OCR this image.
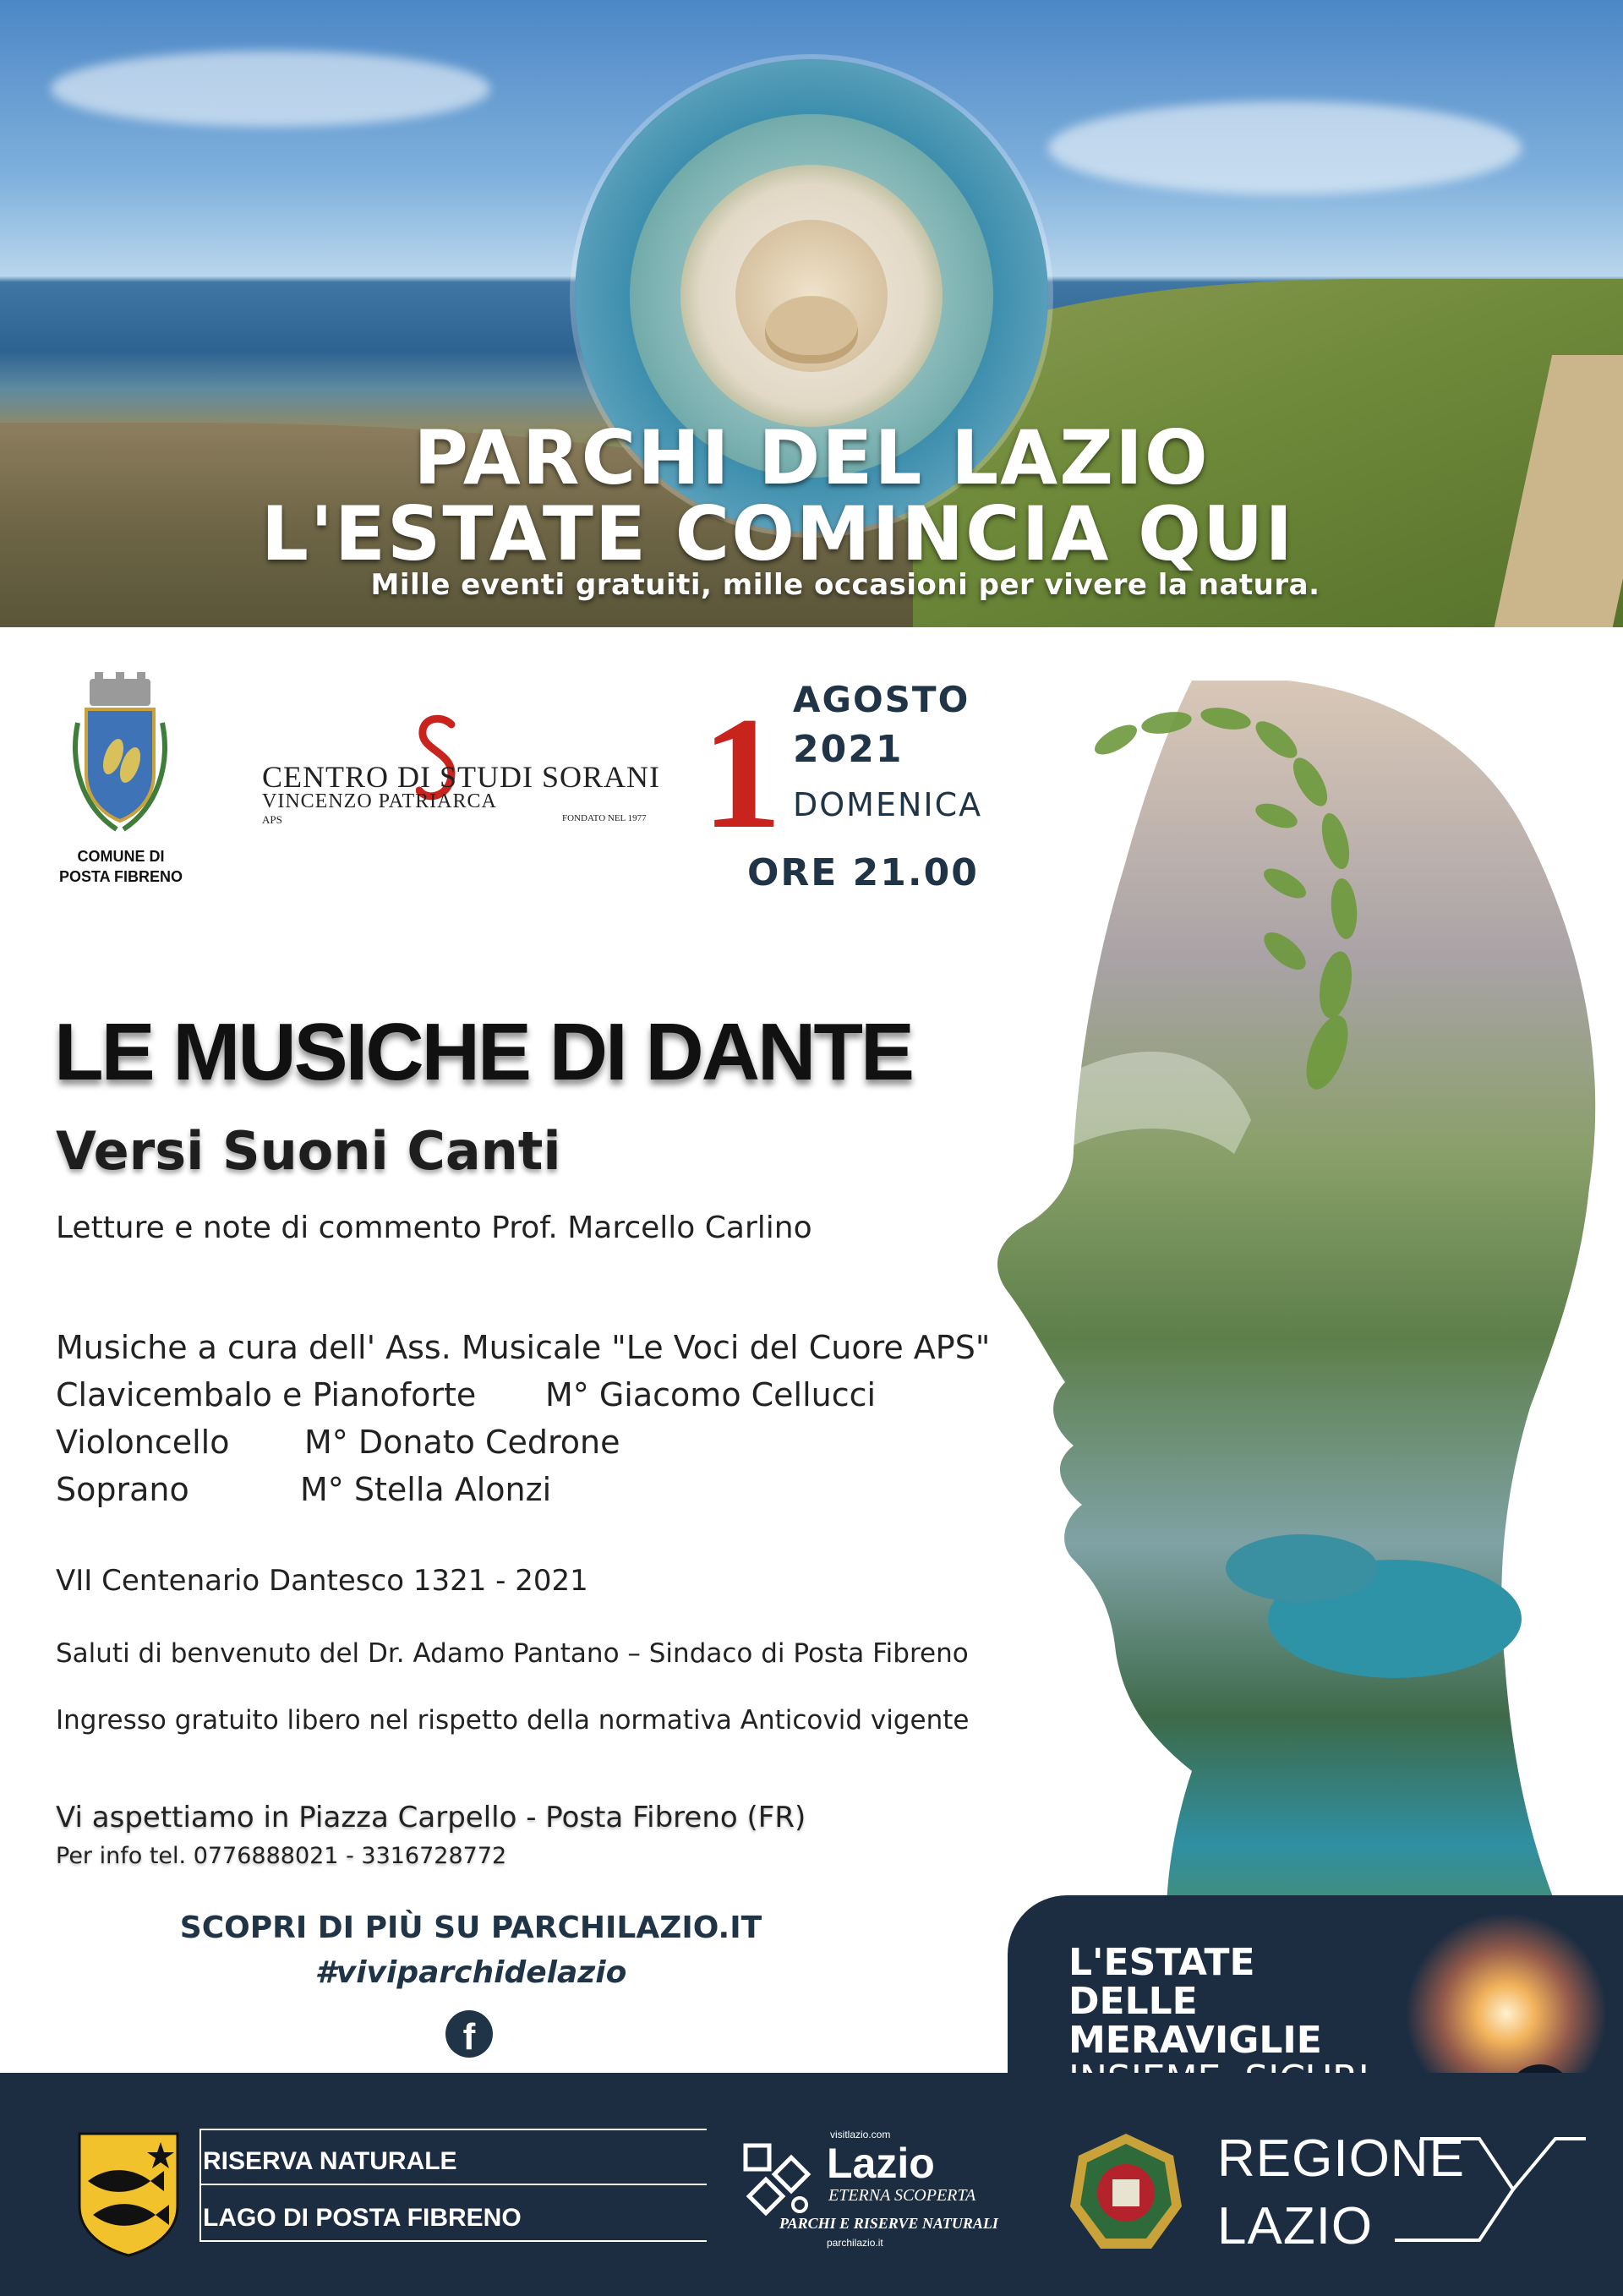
PARCHI DEL LAZIO
L'ESTATE COMINCIA QUI
Mille eventi gratuiti, mille occasioni per vivere la natura.
COMUNE DI
POSTA FIBRENO
CENTRO DI STUDI SORANI
VINCENZO PATRIARCA
APS	FONDATO NEL 1977 1 AGOSTO
2021
DOMENICA
ORE 21.00
LE MUSICHE DI DANTE
Versi Suoni Canti
Letture e note di commento Prof. Marcello Carlino
Musiche a cura dell' Ass. Musicale "Le Voci del Cuore APS"
Clavicembalo e Pianoforte M° Giacomo Cellucci
Violoncello M° Donato Cedrone
Soprano	M° Stella Alonzi
VII Centenario Dantesco 1321 - 2021
Saluti di benvenuto del Dr. Adamo Pantano – Sindaco di Posta Fibreno
Ingresso gratuito libero nel rispetto della normativa Anticovid vigente
Vi aspettiamo in Piazza Carpello - Posta Fibreno (FR)
Per info tel. 0776888021 - 3316728772
SCOPRI DI PIÙ SU PARCHILAZIO.IT
#viviparchidelazio
f
L'ESTATE
DELLE
MERAVIGLIE
RISERVA NATURALE
LAGO DI POSTA FIBRENO
visitlazio.com
Lazio
ETERNA SCOPERTA
PARCHI E RISERVE NATURALI
parchilazio.it
REGIONE
LAZIO
